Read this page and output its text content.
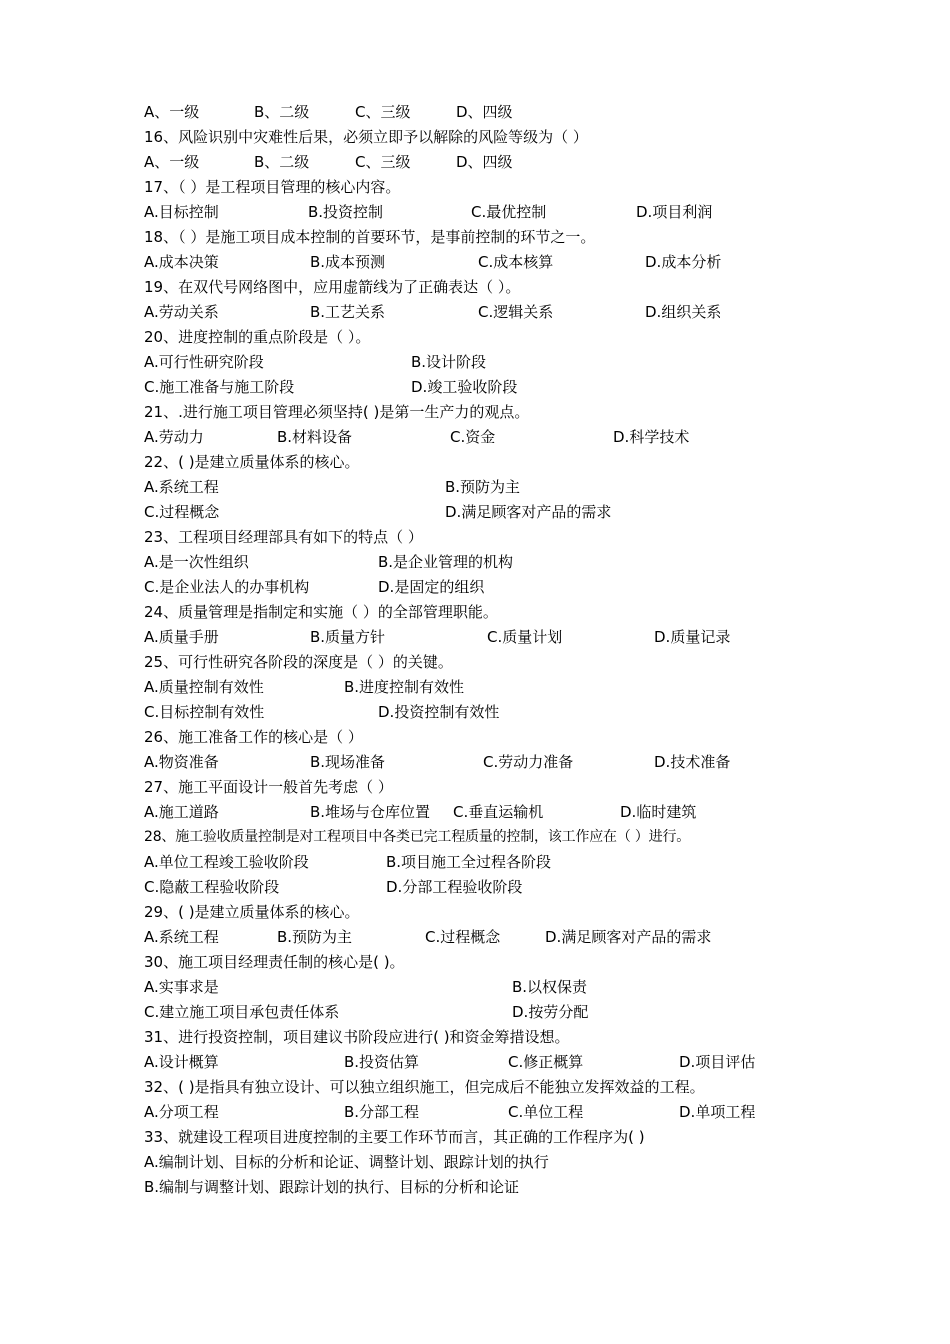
A、一级	B、二级	C、三级	D、四级
16、风险识别中灾难性后果，必须立即予以解除的风险等级为（ ）
A、一级	B、二级	C、三级	D、四级
17、（ ）是工程项目管理的核心内容。
A.目标控制	B.投资控制	C.最优控制	D.项目利润
18、（ ）是施工项目成本控制的首要环节，是事前控制的环节之一。
A.成本决策	B.成本预测	C.成本核算	D.成本分析
19、在双代号网络图中，应用虚箭线为了正确表达（ ）。
A.劳动关系	B.工艺关系	C.逻辑关系	D.组织关系
20、进度控制的重点阶段是（ ）。
A.可行性研究阶段	B.设计阶段
C.施工准备与施工阶段	D.竣工验收阶段
21、.进行施工项目管理必须坚持( )是第一生产力的观点。
A.劳动力	B.材料设备	C.资金	D.科学技术
22、( )是建立质量体系的核心。
A.系统工程	B.预防为主
C.过程概念	D.满足顾客对产品的需求
23、工程项目经理部具有如下的特点（ ）
A.是一次性组织	B.是企业管理的机构
C.是企业法人的办事机构	D.是固定的组织
24、质量管理是指制定和实施（ ）的全部管理职能。
A.质量手册	B.质量方针	C.质量计划	D.质量记录
25、可行性研究各阶段的深度是（ ）的关键。
A.质量控制有效性	B.进度控制有效性
C.目标控制有效性	D.投资控制有效性
26、施工准备工作的核心是（ ）
A.物资准备	B.现场准备	C.劳动力准备	D.技术准备
27、施工平面设计一般首先考虑（ ）
A.施工道路	B.堆场与仓库位置 C.垂直运输机	D.临时建筑
28、施工验收质量控制是对工程项目中各类已完工程质量的控制，该工作应在（ ）进行。
A.单位工程竣工验收阶段	B.项目施工全过程各阶段
C.隐蔽工程验收阶段	D.分部工程验收阶段
29、( )是建立质量体系的核心。
A.系统工程	B.预防为主	C.过程概念	D.满足顾客对产品的需求
30、施工项目经理责任制的核心是( )。
A.实事求是	B.以权保责
C.建立施工项目承包责任体系	D.按劳分配
31、进行投资控制，项目建议书阶段应进行( )和资金筹措设想。
A.设计概算	B.投资估算	C.修正概算	D.项目评估
32、( )是指具有独立设计、可以独立组织施工，但完成后不能独立发挥效益的工程。
A.分项工程	B.分部工程	C.单位工程	D.单项工程
33、就建设工程项目进度控制的主要工作环节而言，其正确的工作程序为( )
A.编制计划、目标的分析和论证、调整计划、跟踪计划的执行
B.编制与调整计划、跟踪计划的执行、目标的分析和论证
